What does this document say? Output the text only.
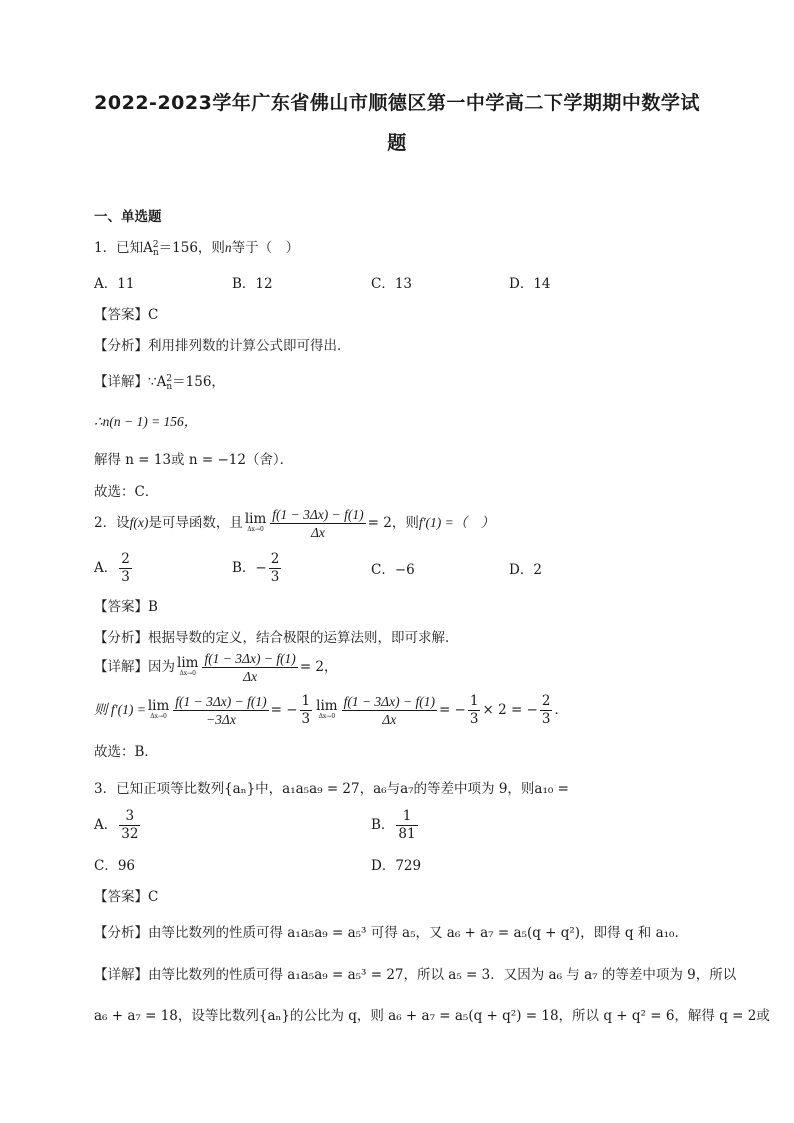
2022-2023学年广东省佛山市顺德区第一中学高二下学期期中数学试
题
一、单选题
1．已知A 2
n ＝156，则n等于（　）
A．11	B．12	C．13	D．14
【答案】C
【分析】利用排列数的计算公式即可得出．
【详解】∵A 2
n ＝156，
∴n(n − 1) = 156，
解得 n = 13或 n = −12（舍）．
故选：C．
2．设f(x)是可导函数，且 lim
$\Delta x\to 0 \frac{f(1 - 3\Delta x) - f(1)}{\Delta x} = 2$，则f′(1) =（　）
A． $\frac{2}{3}$	B．− $\frac{2}{3}$	C．−6	D．2
【答案】B
【分析】根据导数的定义，结合极限的运算法则，即可求解．
【详解】因为 lim
$\Delta x\to 0 \frac{f(1 - 3\Delta x) - f(1)}{\Delta x} = 2$，
则 f′(1) = lim
$\Delta x\to 0 \frac{f(1 - 3\Delta x) - f(1)}{-3\Delta x}$ = − $\frac{1}{3}$ lim
$\Delta x\to 0 \frac{f(1 - 3\Delta x) - f(1)}{\Delta x}$ = − $\frac{1}{3} \times 2$ = − $\frac{2}{3}$ ．
故选：B．
3．已知正项等比数列{aₙ}中，a₁a₅a₉ = 27，a₆与a₇的等差中项为 9，则a₁₀ =
A． $\frac{3}{32}$	B． $\frac{1}{81}$
C．96	D．729
【答案】C
【分析】由等比数列的性质可得 a₁a₅a₉ = a₅³ 可得 a₅，又 a₆ + a₇ = a₅(q + q²)，即得 q 和 a₁₀．
【详解】由等比数列的性质可得 a₁a₅a₉ = a₅³ = 27，所以 a₅ = 3．又因为 a₆ 与 a₇ 的等差中项为 9，所以
a₆ + a₇ = 18，设等比数列{aₙ}的公比为 q，则 a₆ + a₇ = a₅(q + q²) = 18，所以 q + q² = 6，解得 q = 2或
